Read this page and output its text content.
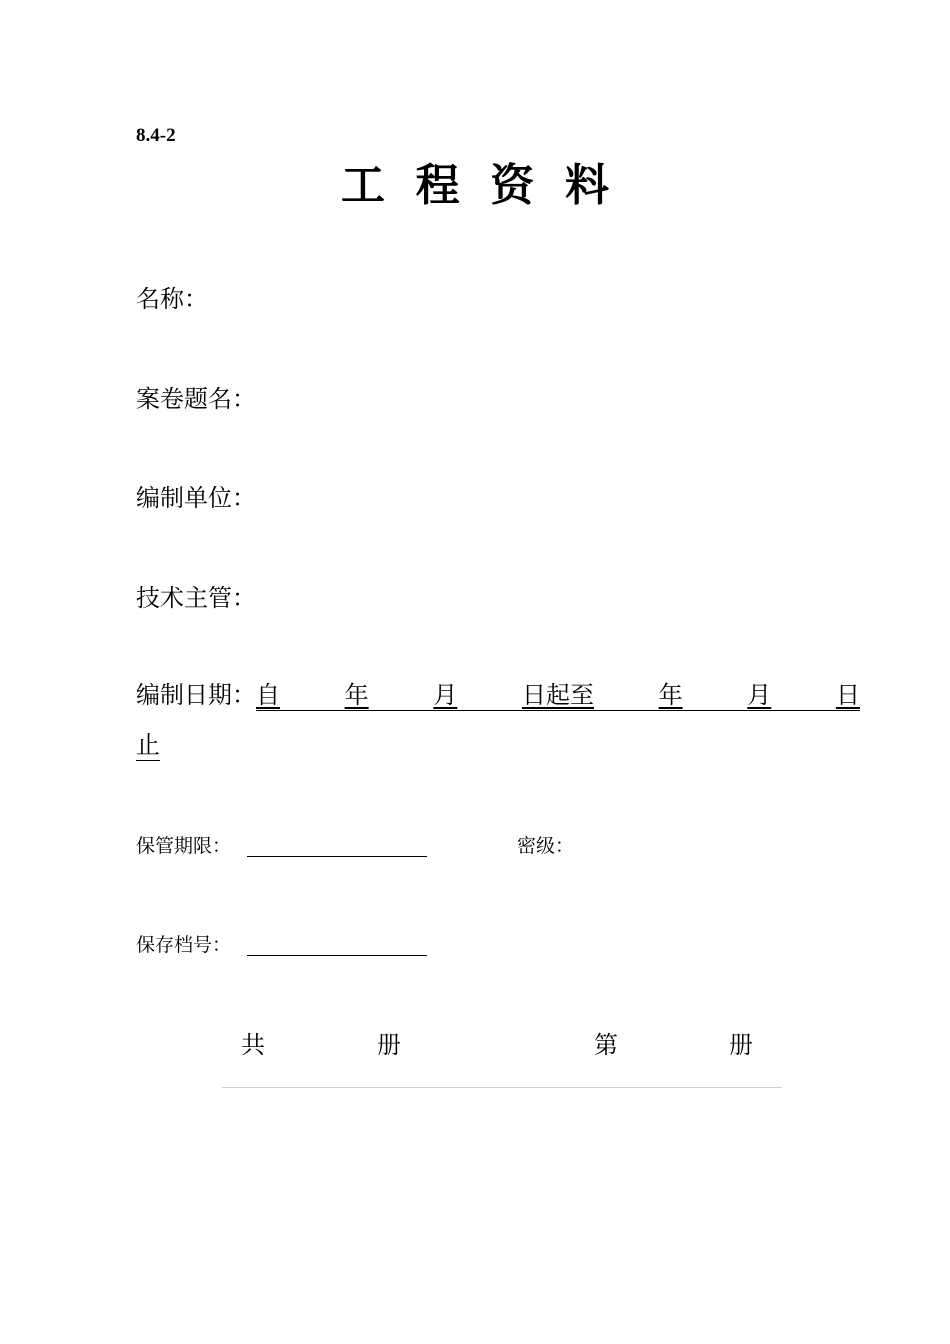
8.4-2
工  程  资  料
名称：
案卷题名：
编制单位：
技术主管：
编制日期： 自	年	月	日起至	年	月	日
止
保管期限：	密级：
保存档号：
共	册	第	册
